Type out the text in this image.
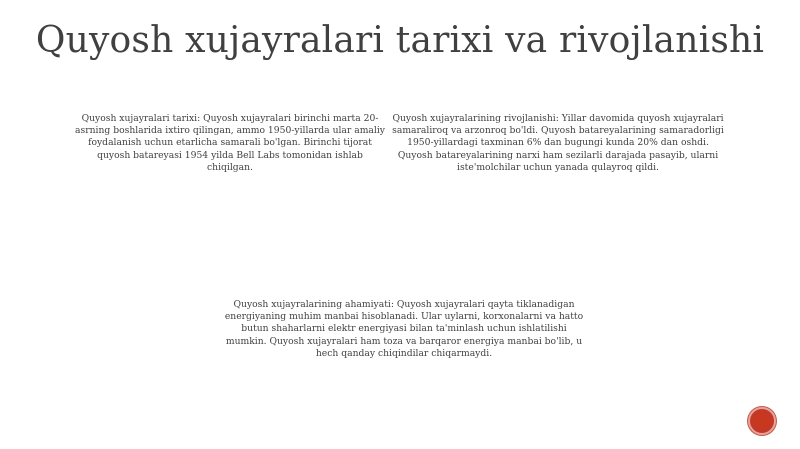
Quyosh xujayralari tarixi va rivojlanishi

Quyosh xujayralari tarixi: Quyosh xujayralari birinchi marta 20-asrning boshlarida ixtiro qilingan, ammo 1950-yillarda ular amaliy foydalanish uchun etarlicha samarali bo'lgan. Birinchi tijorat quyosh batareyasi 1954 yilda Bell Labs tomonidan ishlab chiqilgan.

Quyosh xujayralarining rivojlanishi: Yillar davomida quyosh xujayralari samaraliroq va arzonroq bo'ldi. Quyosh batareyalarining samaradorligi 1950-yillardagi taxminan 6% dan bugungi kunda 20% dan oshdi. Quyosh batareyalarining narxi ham sezilarli darajada pasayib, ularni iste'molchilar uchun yanada qulayroq qildi.

Quyosh xujayralarining ahamiyati: Quyosh xujayralari qayta tiklanadigan energiyaning muhim manbai hisoblanadi. Ular uylarni, korxonalarni va hatto butun shaharlarni elektr energiyasi bilan ta'minlash uchun ishlatilishi mumkin. Quyosh xujayralari ham toza va barqaror energiya manbai bo'lib, u hech qanday chiqindilar chiqarmaydi.
